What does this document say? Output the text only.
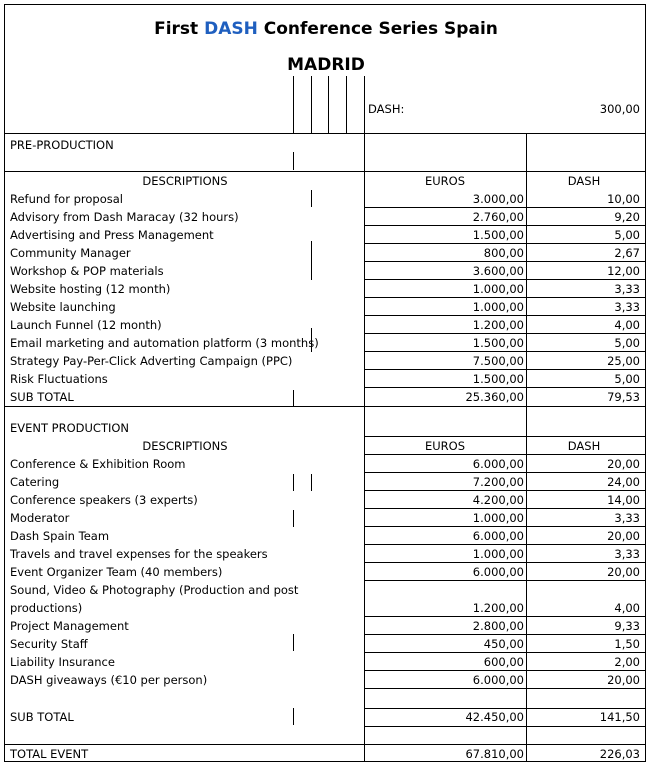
First DASH Conference Series Spain
MADRID
DASH:	300,00
PRE-PRODUCTION
DESCRIPTIONS	EUROS	DASH
Refund for proposal	3.000,00	10,00
Advisory from Dash Maracay (32 hours)	2.760,00	9,20
Advertising and Press Management	1.500,00	5,00
Community Manager	800,00	2,67
Workshop & POP materials	3.600,00	12,00
Website hosting (12 month)	1.000,00	3,33
Website launching	1.000,00	3,33
Launch Funnel (12 month)	1.200,00	4,00
Email marketing and automation platform (3 months)	1.500,00	5,00
Strategy Pay-Per-Click Adverting Campaign (PPC)	7.500,00	25,00
Risk Fluctuations	1.500,00	5,00
SUB TOTAL	25.360,00	79,53
EVENT PRODUCTION
DESCRIPTIONS	EUROS	DASH
Conference & Exhibition Room	6.000,00	20,00
Catering	7.200,00	24,00
Conference speakers (3 experts)	4.200,00	14,00
Moderator	1.000,00	3,33
Dash Spain Team	6.000,00	20,00
Travels and travel expenses for the speakers	1.000,00	3,33
Event Organizer Team (40 members)	6.000,00	20,00
Sound, Video & Photography (Production and post
productions)	1.200,00	4,00
Project Management	2.800,00	9,33
Security Staff	450,00	1,50
Liability Insurance	600,00	2,00
DASH giveaways (€10 per person)	6.000,00	20,00
SUB TOTAL	42.450,00	141,50
TOTAL EVENT	67.810,00	226,03
